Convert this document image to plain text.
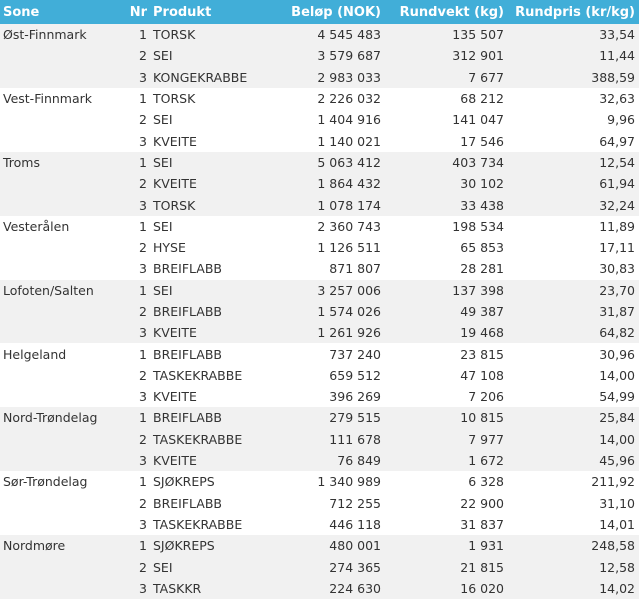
Sone	Nr	Produkt	Beløp (NOK)	Rundvekt (kg)	Rundpris (kr/kg)
Øst-Finnmark	1	TORSK	4 545 483	135 507	33,54
	2	SEI	3 579 687	312 901	11,44
	3	KONGEKRABBE	2 983 033	7 677	388,59
Vest-Finnmark	1	TORSK	2 226 032	68 212	32,63
	2	SEI	1 404 916	141 047	9,96
	3	KVEITE	1 140 021	17 546	64,97
Troms	1	SEI	5 063 412	403 734	12,54
	2	KVEITE	1 864 432	30 102	61,94
	3	TORSK	1 078 174	33 438	32,24
Vesterålen	1	SEI	2 360 743	198 534	11,89
	2	HYSE	1 126 511	65 853	17,11
	3	BREIFLABB	871 807	28 281	30,83
Lofoten/Salten	1	SEI	3 257 006	137 398	23,70
	2	BREIFLABB	1 574 026	49 387	31,87
	3	KVEITE	1 261 926	19 468	64,82
Helgeland	1	BREIFLABB	737 240	23 815	30,96
	2	TASKEKRABBE	659 512	47 108	14,00
	3	KVEITE	396 269	7 206	54,99
Nord-Trøndelag	1	BREIFLABB	279 515	10 815	25,84
	2	TASKEKRABBE	111 678	7 977	14,00
	3	KVEITE	76 849	1 672	45,96
Sør-Trøndelag	1	SJØKREPS	1 340 989	6 328	211,92
	2	BREIFLABB	712 255	22 900	31,10
	3	TASKEKRABBE	446 118	31 837	14,01
Nordmøre	1	SJØKREPS	480 001	1 931	248,58
	2	SEI	274 365	21 815	12,58
	3	TASKKR	224 630	16 020	14,02
